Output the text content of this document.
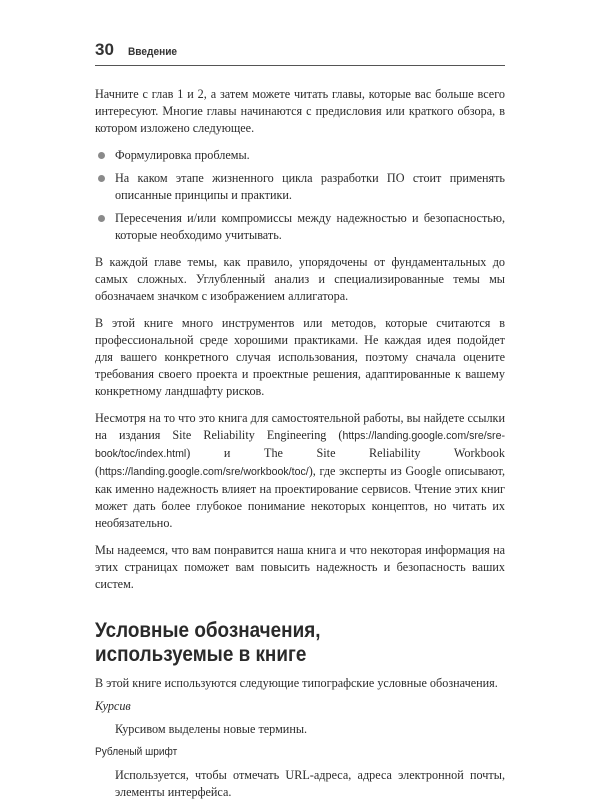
30 Введение

Начните с глав 1 и 2, а затем можете читать главы, которые вас больше всего интересуют. Многие главы начинаются с предисловия или краткого обзора, в котором изложено следующее.

Формулировка проблемы.
На каком этапе жизненного цикла разработки ПО стоит применять описанные принципы и практики.
Пересечения и/или компромиссы между надежностью и безопасностью, которые необходимо учитывать.

В каждой главе темы, как правило, упорядочены от фундаментальных до самых сложных. Углубленный анализ и специализированные темы мы обозначаем значком с изображением аллигатора.

В этой книге много инструментов или методов, которые считаются в профессиональной среде хорошими практиками. Не каждая идея подойдет для вашего конкретного случая использования, поэтому сначала оцените требования своего проекта и проектные решения, адаптированные к вашему конкретному ландшафту рисков.

Несмотря на то что это книга для самостоятельной работы, вы найдете ссылки на издания Site Reliability Engineering (https://landing.google.com/sre/sre-book/toc/index.html) и The Site Reliability Workbook (https://landing.google.com/sre/workbook/toc/), где эксперты из Google описывают, как именно надежность влияет на проектирование сервисов. Чтение этих книг может дать более глубокое понимание некоторых концептов, но читать их необязательно.

Мы надеемся, что вам понравится наша книга и что некоторая информация на этих страницах поможет вам повысить надежность и безопасность ваших систем.

Условные обозначения,
используемые в книге

В этой книге используются следующие типографские условные обозначения.

Курсив
Курсивом выделены новые термины.
Рубленый шрифт
Используется, чтобы отмечать URL-адреса, адреса электронной почты, элементы интерфейса.
